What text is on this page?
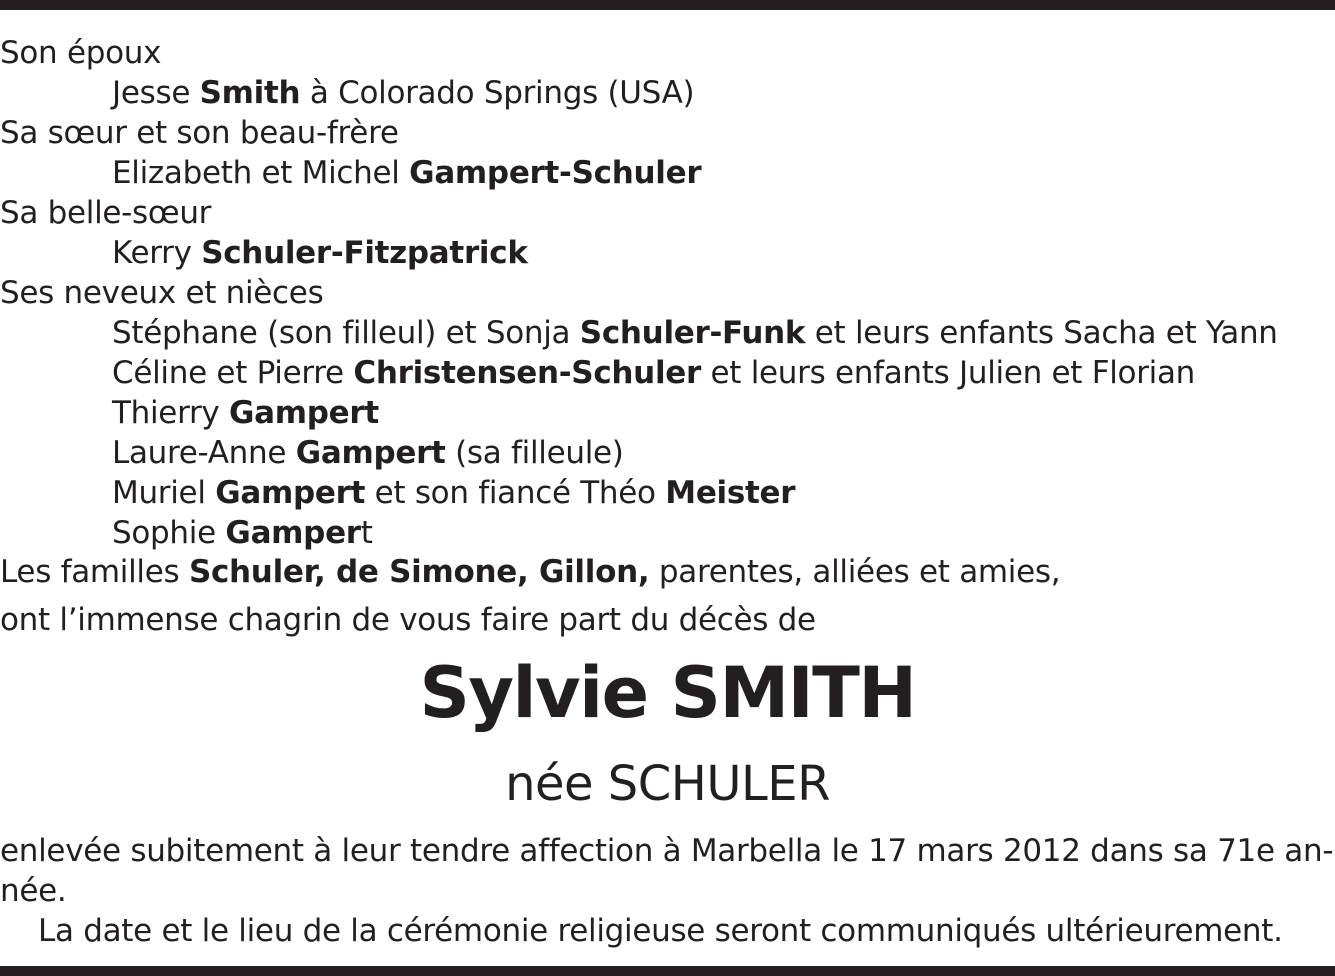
Son époux
Jesse Smith à Colorado Springs (USA)
Sa sœur et son beau-frère
Elizabeth et Michel Gampert-Schuler
Sa belle-sœur
Kerry Schuler-Fitzpatrick
Ses neveux et nièces
Stéphane (son filleul) et Sonja Schuler-Funk et leurs enfants Sacha et Yann
Céline et Pierre Christensen-Schuler et leurs enfants Julien et Florian
Thierry Gampert
Laure-Anne Gampert (sa filleule)
Muriel Gampert et son fiancé Théo Meister
Sophie Gampert
Les familles Schuler, de Simone, Gillon, parentes, alliées et amies,
ont l’immense chagrin de vous faire part du décès de
Sylvie SMITH
née SCHULER
enlevée subitement à leur tendre affection à Marbella le 17 mars 2012 dans sa 71e an-
née.
La date et le lieu de la cérémonie religieuse seront communiqués ultérieurement.
